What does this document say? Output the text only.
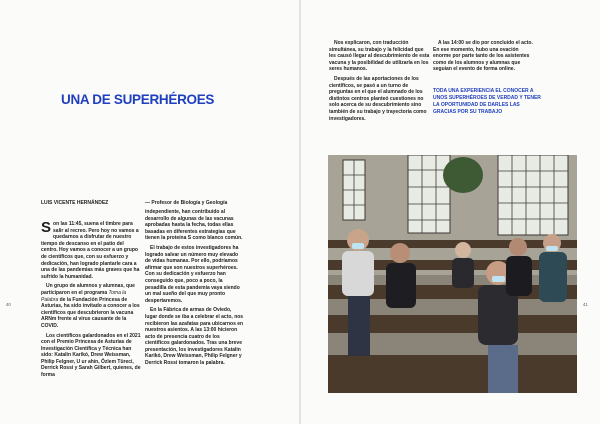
UNA DE SUPERHÉROES
LUIS VICENTE HERNÁNDEZ	— Profesor de Biología y Geología

Son las 11:45, suena el timbre para salir al recreo. Pero hoy no vamos a quedarnos a disfrutar de nuestro tiempo de descanso en el patio del centro. Hoy vamos a conocer a un grupo de científicos que, con su esfuerzo y dedicación, han logrado plantarle cara a una de las pandemias más graves que ha sufrido la humanidad.

Un grupo de alumnos y alumnas, que participaron en el programa Toma la Palabra de la Fundación Princesa de Asturias, ha sido invitado a conocer a los científicos que descubrieron la vacuna ARNm frente al virus causante de la COVID.

Los científicos galardonados en el 2021 con el Premio Princesa de Asturias de Investigación Científica y Técnica han sido: Katalin Karikó, Drew Weissman, Philip Felgner, U ur ahin, Özlem Türeci, Derrick Rossi y Sarah Gilbert, quienes, de forma

independiente, han contribuido al desarrollo de algunas de las vacunas aprobadas hasta la fecha, todas ellas basadas en diferentes estrategias que tienen la proteína S como blanco común.

El trabajo de estos investigadores ha logrado salvar un número muy elevado de vidas humanas. Por ello, podríamos afirmar que son nuestros superhéroes. Con su dedicación y esfuerzo han conseguido que, poco a poco, la pesadilla de esta pandemia vaya siendo un mal sueño del que muy pronto despertaremos.

En la Fábrica de armas de Oviedo, lugar donde se iba a celebrar el acto, nos recibieron las azafatas para ubicarnos en nuestros asientos. A las 13:00 hicieron acto de presencia cuatro de los científicos galardonados. Tras una breve presentación, los investigadores Katalin Karikó, Drew Weissman, Philip Felgner y Derrick Rossi tomaron la palabra.

Nos explicaron, con traducción simultánea, su trabajo y la felicidad que les causó llegar al descubrimiento de esta vacuna y la posibilidad de utilizarla en los seres humanos.

Después de las aportaciones de los científicos, se pasó a un turno de preguntas en el que el alumnado de los distintos centros planteó cuestiones no solo acerca de su descubrimiento sino también de su trabajo y trayectoria como investigadores.

A las 14:00 se dio por concluido el acto. En ese momento, hubo una ovación enorme por parte tanto de los asistentes como de los alumnos y alumnas que seguían el evento de forma online.

TODA UNA EXPERIENCIA EL CONOCER A UNOS SUPERHÉROES DE VERDAD Y TENER LA OPORTUNIDAD DE DARLES LAS GRACIAS POR SU TRABAJO
40	41
